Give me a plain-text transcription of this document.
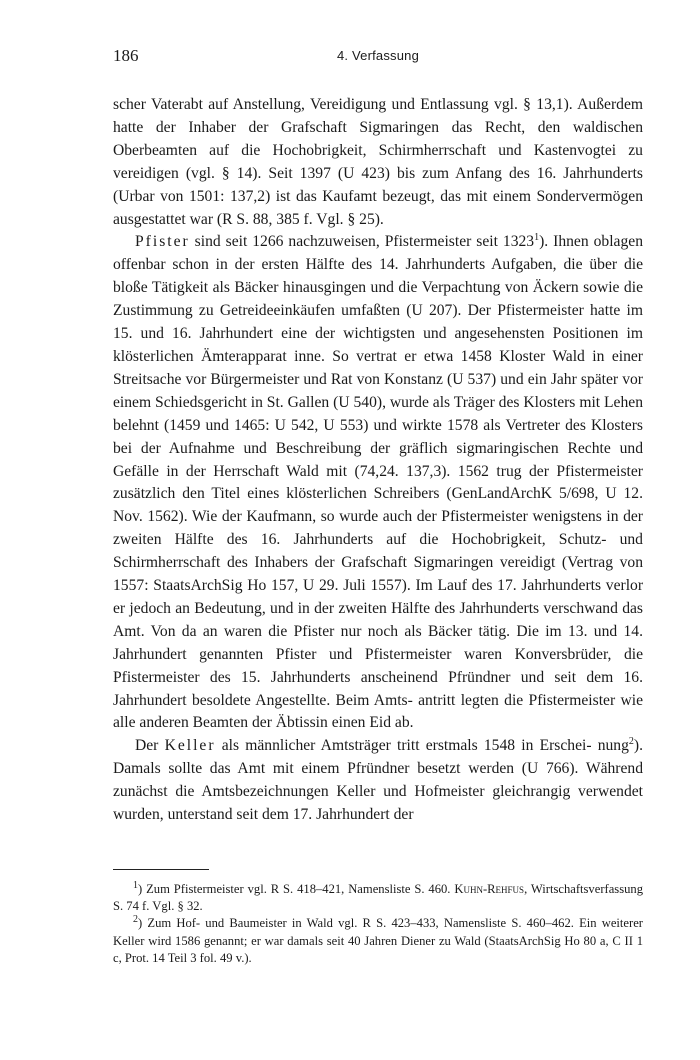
186	4. Verfassung

scher Vaterabt auf Anstellung, Vereidigung und Entlassung vgl. § 13,1). Außerdem hatte der Inhaber der Grafschaft Sigmaringen das Recht, den waldischen Oberbeamten auf die Hochobrigkeit, Schirmherrschaft und Kastenvogtei zu vereidigen (vgl. § 14). Seit 1397 (U 423) bis zum Anfang des 16. Jahrhunderts (Urbar von 1501: 137,2) ist das Kaufamt bezeugt, das mit einem Sondervermögen ausgestattet war (R S. 88, 385 f. Vgl. § 25).

Pfister sind seit 1266 nachzuweisen, Pfistermeister seit 1323$^1$). Ihnen oblagen offenbar schon in der ersten Hälfte des 14. Jahrhunderts Aufgaben, die über die bloße Tätigkeit als Bäcker hinausgingen und die Verpachtung von Äckern sowie die Zustimmung zu Getreideeinkäufen umfaßten (U 207). Der Pfistermeister hatte im 15. und 16. Jahrhundert eine der wichtigsten und angesehensten Positionen im klösterlichen Ämterapparat inne. So vertrat er etwa 1458 Kloster Wald in einer Streitsache vor Bürgermeister und Rat von Konstanz (U 537) und ein Jahr später vor einem Schiedsgericht in St. Gallen (U 540), wurde als Träger des Klosters mit Lehen belehnt (1459 und 1465: U 542, U 553) und wirkte 1578 als Vertreter des Klosters bei der Aufnahme und Beschreibung der gräflich sigmaringischen Rechte und Gefälle in der Herrschaft Wald mit (74,24. 137,3). 1562 trug der Pfistermeister zusätzlich den Titel eines klösterlichen Schreibers (GenLandArchK 5/698, U 12. Nov. 1562). Wie der Kaufmann, so wurde auch der Pfistermeister wenigstens in der zweiten Hälfte des 16. Jahrhunderts auf die Hochobrigkeit, Schutz- und Schirmherrschaft des Inhabers der Grafschaft Sigmaringen vereidigt (Vertrag von 1557: StaatsArchSig Ho 157, U 29. Juli 1557). Im Lauf des 17. Jahrhunderts verlor er jedoch an Bedeutung, und in der zweiten Hälfte des Jahrhunderts verschwand das Amt. Von da an waren die Pfister nur noch als Bäcker tätig. Die im 13. und 14. Jahrhundert genannten Pfister und Pfistermeister waren Konversbrüder, die Pfistermeister des 15. Jahrhunderts anscheinend Pfründner und seit dem 16. Jahrhundert besoldete Angestellte. Beim Amts- antritt legten die Pfistermeister wie alle anderen Beamten der Äbtissin einen Eid ab.

Der Keller als männlicher Amtsträger tritt erstmals 1548 in Erschei- nung$^2$). Damals sollte das Amt mit einem Pfründner besetzt werden (U 766). Während zunächst die Amtsbezeichnungen Keller und Hofmeister gleichrangig verwendet wurden, unterstand seit dem 17. Jahrhundert der

$^1$) Zum Pfistermeister vgl. R S. 418–421, Namensliste S. 460. Kuhn-Rehfus, Wirtschaftsverfassung S. 74 f. Vgl. § 32.

$^2$) Zum Hof- und Baumeister in Wald vgl. R S. 423–433, Namensliste S. 460–462. Ein weiterer Keller wird 1586 genannt; er war damals seit 40 Jahren Diener zu Wald (StaatsArchSig Ho 80 a, C II 1 c, Prot. 14 Teil 3 fol. 49 v.).
